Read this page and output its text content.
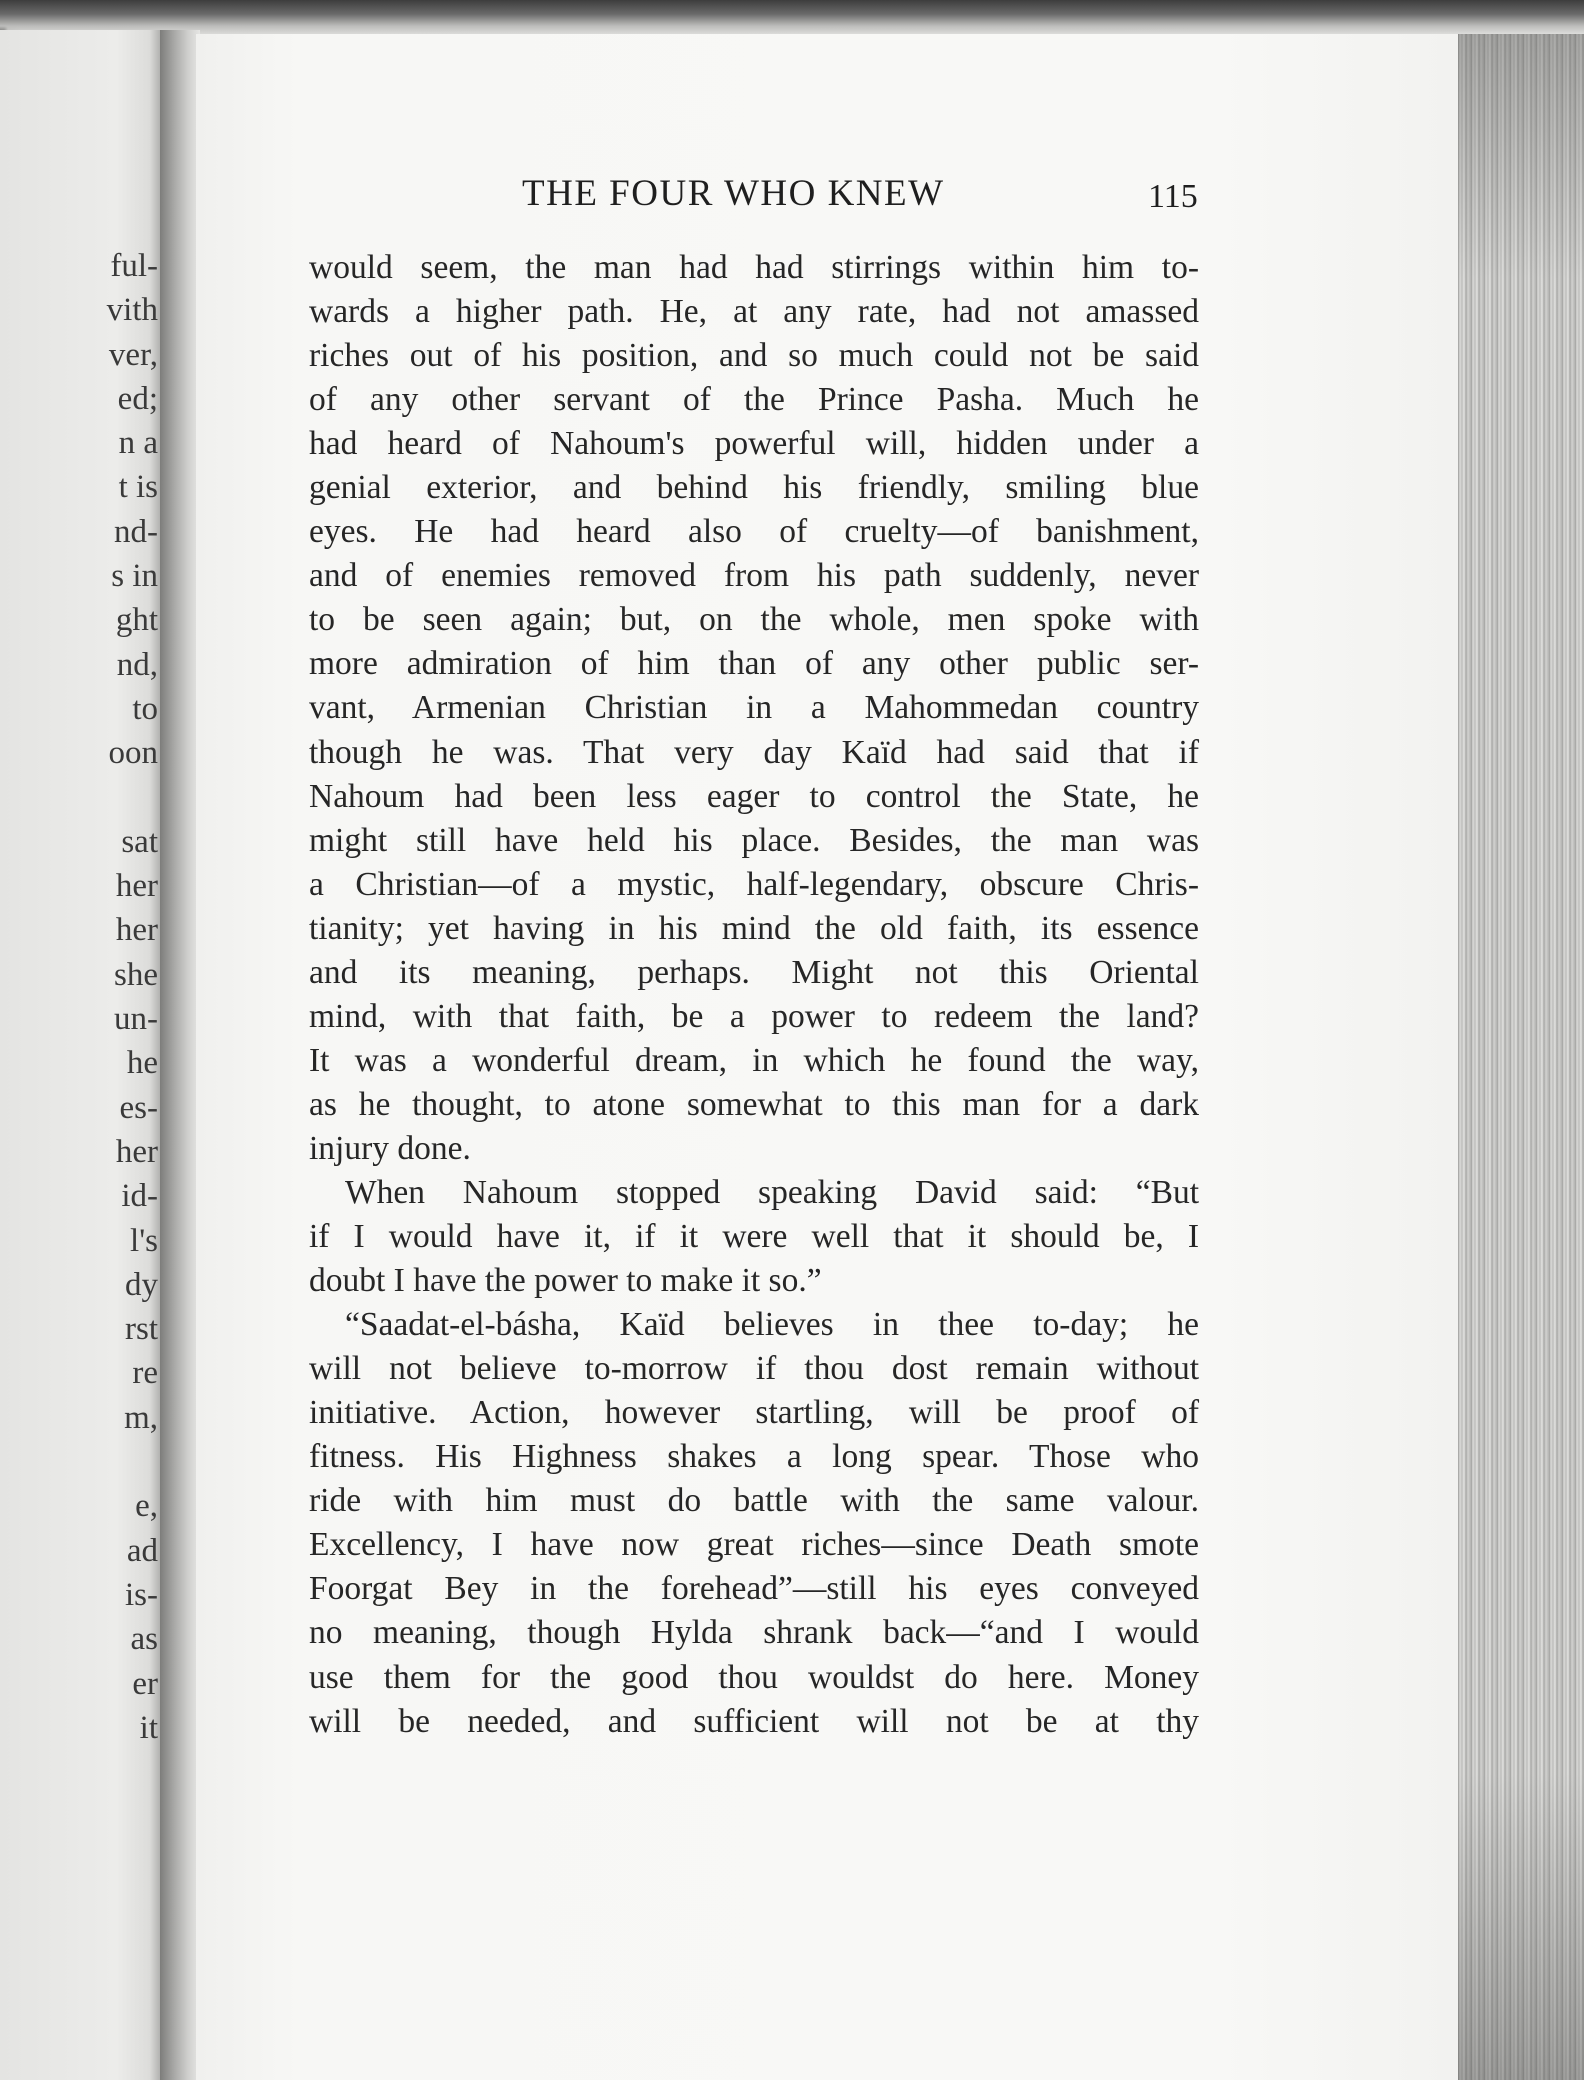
ful-
vith
ver,
ed;
n a
t is
nd-
s in
ght
nd,
to
oon
sat
her
her
she
un-
he
es-
her
id-
l's
dy
rst
re
m,
e,
ad
is-
as
er
it
THE FOUR WHO KNEW	115
would seem, the man had had stirrings within him to-
wards a higher path. He, at any rate, had not amassed
riches out of his position, and so much could not be said
of any other servant of the Prince Pasha. Much he
had heard of Nahoum's powerful will, hidden under a
genial exterior, and behind his friendly, smiling blue
eyes. He had heard also of cruelty—of banishment,
and of enemies removed from his path suddenly, never
to be seen again; but, on the whole, men spoke with
more admiration of him than of any other public ser-
vant, Armenian Christian in a Mahommedan country
though he was. That very day Kaïd had said that if
Nahoum had been less eager to control the State, he
might still have held his place. Besides, the man was
a Christian—of a mystic, half-legendary, obscure Chris-
tianity; yet having in his mind the old faith, its essence
and its meaning, perhaps. Might not this Oriental
mind, with that faith, be a power to redeem the land?
It was a wonderful dream, in which he found the way,
as he thought, to atone somewhat to this man for a dark
injury done.
When Nahoum stopped speaking David said: “But
if I would have it, if it were well that it should be, I
doubt I have the power to make it so.”
“Saadat-el-básha, Kaïd believes in thee to-day; he
will not believe to-morrow if thou dost remain without
initiative. Action, however startling, will be proof of
fitness. His Highness shakes a long spear. Those who
ride with him must do battle with the same valour.
Excellency, I have now great riches—since Death smote
Foorgat Bey in the forehead”—still his eyes conveyed
no meaning, though Hylda shrank back—“and I would
use them for the good thou wouldst do here. Money
will be needed, and sufficient will not be at thy
